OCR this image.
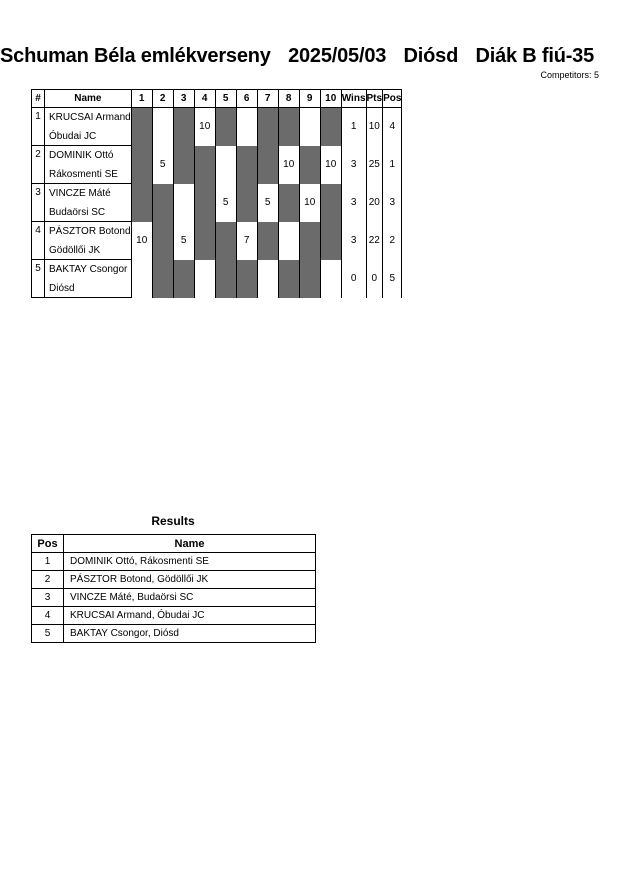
Schuman Béla emlékverseny 2025/05/03 Diósd Diák B fiú-35
Competitors: 5
#	Name	1	2	3	4	5	6	7	8	9	10	Wins	Pts	Pos
1	KRUCSAI Armand				10							1	10	4
	Óbudai JC													
2	DOMINIK Ottó		5						10		10	3	25	1
	Rákosmenti SE													
3	VINCZE Máté					5		5		10		3	20	3
	Budaörsi SC													
4	PÁSZTOR Botond	10		5			7					3	22	2
	Gödöllői JK													
5	BAKTAY Csongor											0	0	5
	Diósd													
Results
Pos	Name
1	DOMINIK Ottó, Rákosmenti SE
2	PÁSZTOR Botond, Gödöllői JK
3	VINCZE Máté, Budaörsi SC
4	KRUCSAI Armand, Óbudai JC
5	BAKTAY Csongor, Diósd
